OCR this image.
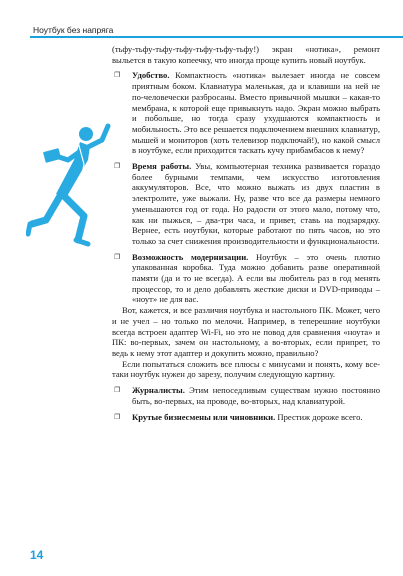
Ноутбук без напряга

(тьфу-тьфу-тьфу-тьфу-тьфу-тьфу-тьфу!) экран «нотика», ремонт выльется в такую копеечку, что иногда проще купить новый ноутбук.

❐ Удобство. Компактность «нотика» вылезает иногда не совсем приятным боком. Клавиатура маленькая, да и клавиши на ней не по-человечески разбросаны. Вместо привычной мышки – какая-то мембрана, к которой еще привыкнуть надо. Экран можно выбрать и побольше, но тогда сразу ухудшаются компактность и мобильность. Это все решается подключением внешних клавиатур, мышей и мониторов (хоть телевизор подключай!), но какой смысл в ноутбуке, если приходится таскать кучу прибамбасов к нему?
❐ Время работы. Увы, компьютерная техника развивается гораздо более бурными темпами, чем искусство изготовления аккумуляторов. Все, что можно выжать из двух пластин в электролите, уже выжали. Ну, разве что все да размеры немного уменьшаются год от года. Но радости от этого мало, потому что, как ни пыжься, – два-три часа, и привет, ставь на подзарядку. Вернее, есть ноутбуки, которые работают по пять часов, но это только за счет снижения производительности и функциональности.
❐ Возможность модернизации. Ноутбук – это очень плотно упакованная коробка. Туда можно добавить разве оперативной памяти (да и то не всегда). А если вы любитель раз в год менять процессор, то и дело добавлять жесткие диски и DVD-приводы – «ноут» не для вас.

Вот, кажется, и все различия ноутбука и настольного ПК. Может, чего и не учел – но только по мелочи. Например, в теперешние ноутбуки всегда встроен адаптер Wi-Fi, но это не повод для сравнения «ноута» и ПК: во-первых, зачем он настольному, а во-вторых, если припрет, то ведь к нему этот адаптер и докупить можно, правильно?

Если попытаться сложить все плюсы с минусами и понять, кому все-таки ноутбук нужен до зарезу, получим следующую картину.

❐ Журналисты. Этим непоседливым существам нужно постоянно быть, во-первых, на проводе, во-вторых, над клавиатурой.
❐ Крутые бизнесмены или чиновники. Престиж дороже всего.
14
